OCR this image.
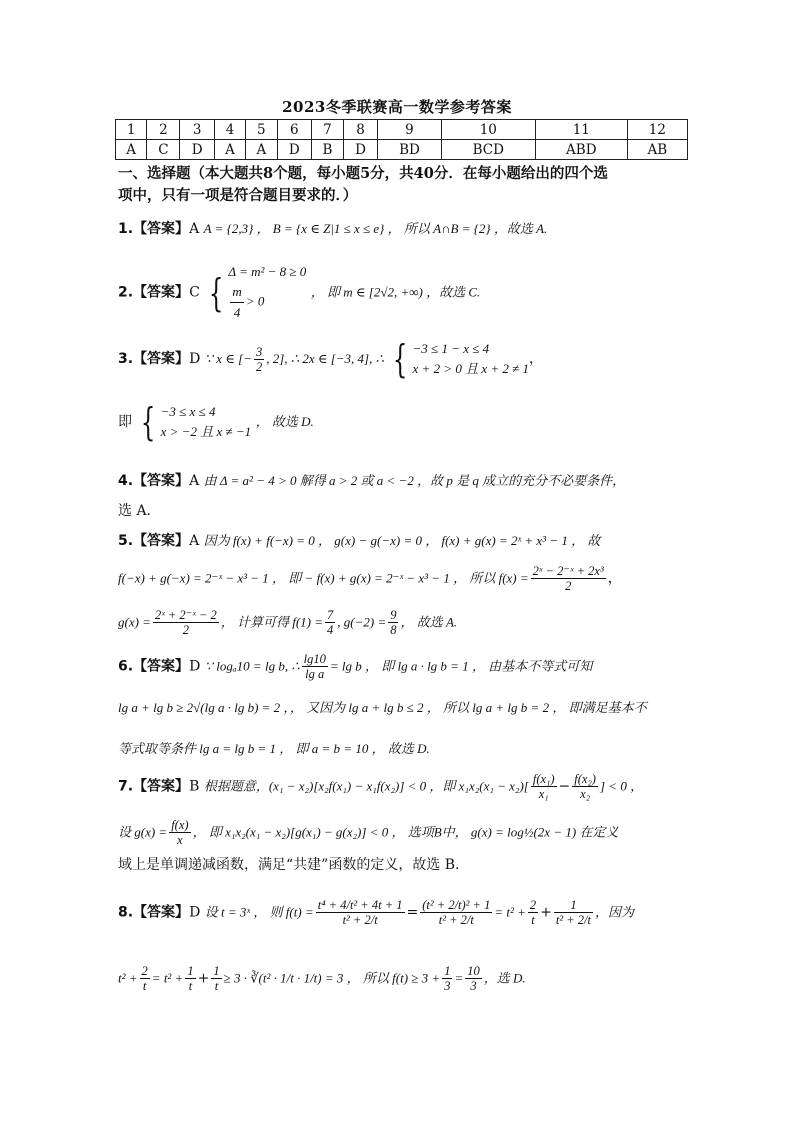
2023冬季联赛高一数学参考答案
1	2	3	4	5	6	7	8	9	10	11	12
A	C	D	A	A	D	B	D	BD	BCD	ABD	AB
一、选择题（本大题共8个题，每小题5分，共40分．在每小题给出的四个选
项中，只有一项是符合题目要求的．）
1.【答案】A A = {2,3} ， B = {x ∈ Z|1 ≤ x ≤ e} ， 所以 A∩B = {2} ，故选 A.
2.【答案】C { Δ = m² − 8 ≥ 0
$\frac{m}{4} > 0$
， 即 m ∈ [2√2, +∞) ，故选 C.
3.【答案】D ∵ x ∈ [− $\frac{3}{2}$ , 2], ∴ 2x ∈ [−3, 4], ∴ { −3 ≤ 1 − x ≤ 4
x + 2 > 0 且 x + 2 ≠ 1
，
即 { −3 ≤ x ≤ 4
x > −2 且 x ≠ −1
， 故选 D.
4.【答案】A 由 Δ = a² − 4 > 0 解得 a > 2 或 a < −2 ，故 p 是 q 成立的充分不必要条件，
选 A.
5.【答案】A 因为 f(x) + f(−x) = 0 ， g(x) − g(−x) = 0 ， f(x) + g(x) = 2ˣ + x³ − 1 ， 故
f(−x) + g(−x) = 2⁻ˣ − x³ − 1 ， 即 − f(x) + g(x) = 2⁻ˣ − x³ − 1 ， 所以 $f(x) = \frac{\text{2ˣ − 2⁻ˣ + 2x³}}{2}$ ，
$g(x) = \frac{\text{2ˣ + 2⁻ˣ − 2}}{2}$ ， 计算可得 $f(1) = \frac{7}{4}$ , $g(-2) = \frac{9}{8}$ ， 故选 A.
6.【答案】D ∵ logₐ10 = lg b, ∴ $\frac{\lg 10}{\text{lg a}} = \lg b$ ， 即 lg a · lg b = 1 ， 由基本不等式可知
lg a + lg b ≥ 2√(lg a · lg b) = 2 ，， 又因为 lg a + lg b ≤ 2 ， 所以 lg a + lg b = 2 ， 即满足基本不
等式取等条件 lg a = lg b = 1 ， 即 a = b = 10 ， 故选 D.
7.【答案】B 根据题意，(x₁ − x₂)[x₂f(x₁) − x₁f(x₂)] < 0 ，即 $x_1x_2(x_1 - x_2)[ \frac{\text{f(x₁)}}{\text{x₁}} - \frac{\text{f(x₂)}}{\text{x₂}}$ ] < 0 ，
设 $g(x) = \frac{f(x)}{x}$ ， 即 x₁x₂(x₁ − x₂)[g(x₁) − g(x₂)] < 0 ， 选项B中， g(x) = log½(2x − 1) 在定义
域上是单调递减函数，满足“共建”函数的定义，故选 B.
8.【答案】D 设 t = 3ˣ ， 则 $f(t) = \frac{\text{t⁴ + 4/t² + 4t + 1}}{\text{t² + 2/t}} = \frac{\text{(t² + 2/t)² + 1}}{\text{t² + 2/t}} = t^2 + \frac{2}{t} + \frac{1}{\text{t² + 2/t}}$ ，因为
$t^2 + \frac{2}{t} = t^2 + \frac{1}{t} + \frac{1}{t} \ge 3$ · ∛(t² · 1/t · 1/t) = 3 ， 所以 $f(t) \ge 3 + \frac{1}{3} = \frac{10}{3}$ ，选 D.
